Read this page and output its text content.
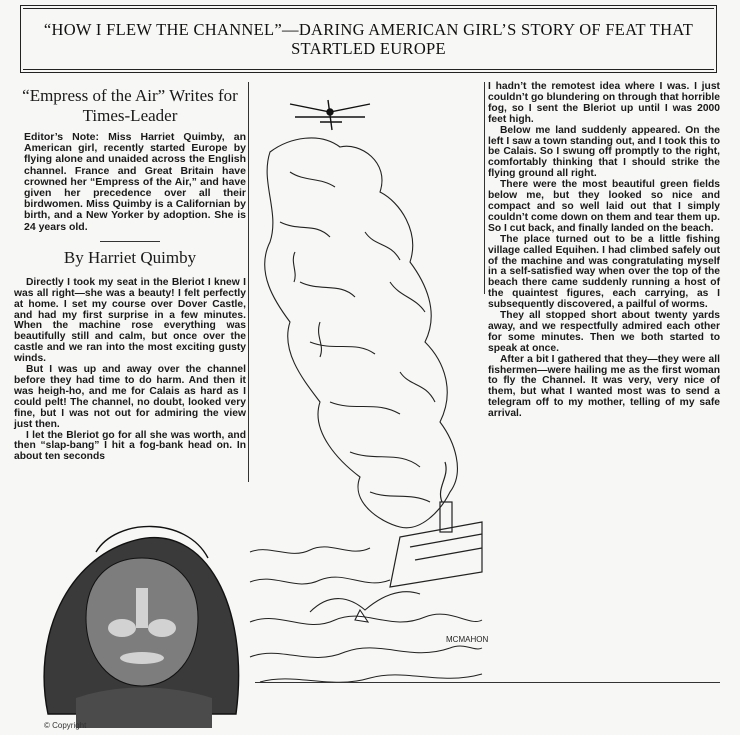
“HOW I FLEW THE CHANNEL”—DARING AMERICAN GIRL’S STORY OF FEAT THAT
STARTLED EUROPE
“Empress of the Air” Writes for Times-Leader
Editor’s Note: Miss Harriet Quimby, an American girl, recently started Europe by flying alone and unaided across the English channel. France and Great Britain have crowned her “Empress of the Air,” and have given her precedence over all their birdwomen. Miss Quimby is a Californian by birth, and a New Yorker by adoption. She is 24 years old.
By Harriet Quimby

Directly I took my seat in the Bleriot I knew I was all right—she was a beauty! I felt perfectly at home. I set my course over Dover Castle, and had my first surprise in a few minutes. When the machine rose everything was beautifully still and calm, but once over the castle and we ran into the most exciting gusty winds.

But I was up and away over the channel before they had time to do harm. And then it was heigh-ho, and me for Calais as hard as I could pelt! The channel, no doubt, looked very fine, but I was not out for admiring the view just then.

I let the Bleriot go for all she was worth, and then “slap-bang” I hit a fog-bank head on. In about ten seconds

I hadn’t the remotest idea where I was. I just couldn’t go blundering on through that horrible fog, so I sent the Bleriot up until I was 2000 feet high.

Below me land suddenly appeared. On the left I saw a town standing out, and I took this to be Calais. So I swung off promptly to the right, comfortably thinking that I should strike the flying ground all right.

There were the most beautiful green fields below me, but they looked so nice and compact and so well laid out that I simply couldn’t come down on them and tear them up. So I cut back, and finally landed on the beach.

The place turned out to be a little fishing village called Equihen. I had climbed safely out of the machine and was congratulating myself in a self-satisfied way when over the top of the beach there came suddenly running a host of the quaintest figures, each carrying, as I subsequently discovered, a pailful of worms.

They all stopped short about twenty yards away, and we respectfully admired each other for some minutes. Then we both started to speak at once.

After a bit I gathered that they—they were all fishermen—were hailing me as the first woman to fly the Channel. It was very, very nice of them, but what I wanted most was to send a telegram off to my mother, telling of my safe arrival.

MCMAHON
© Copyright
